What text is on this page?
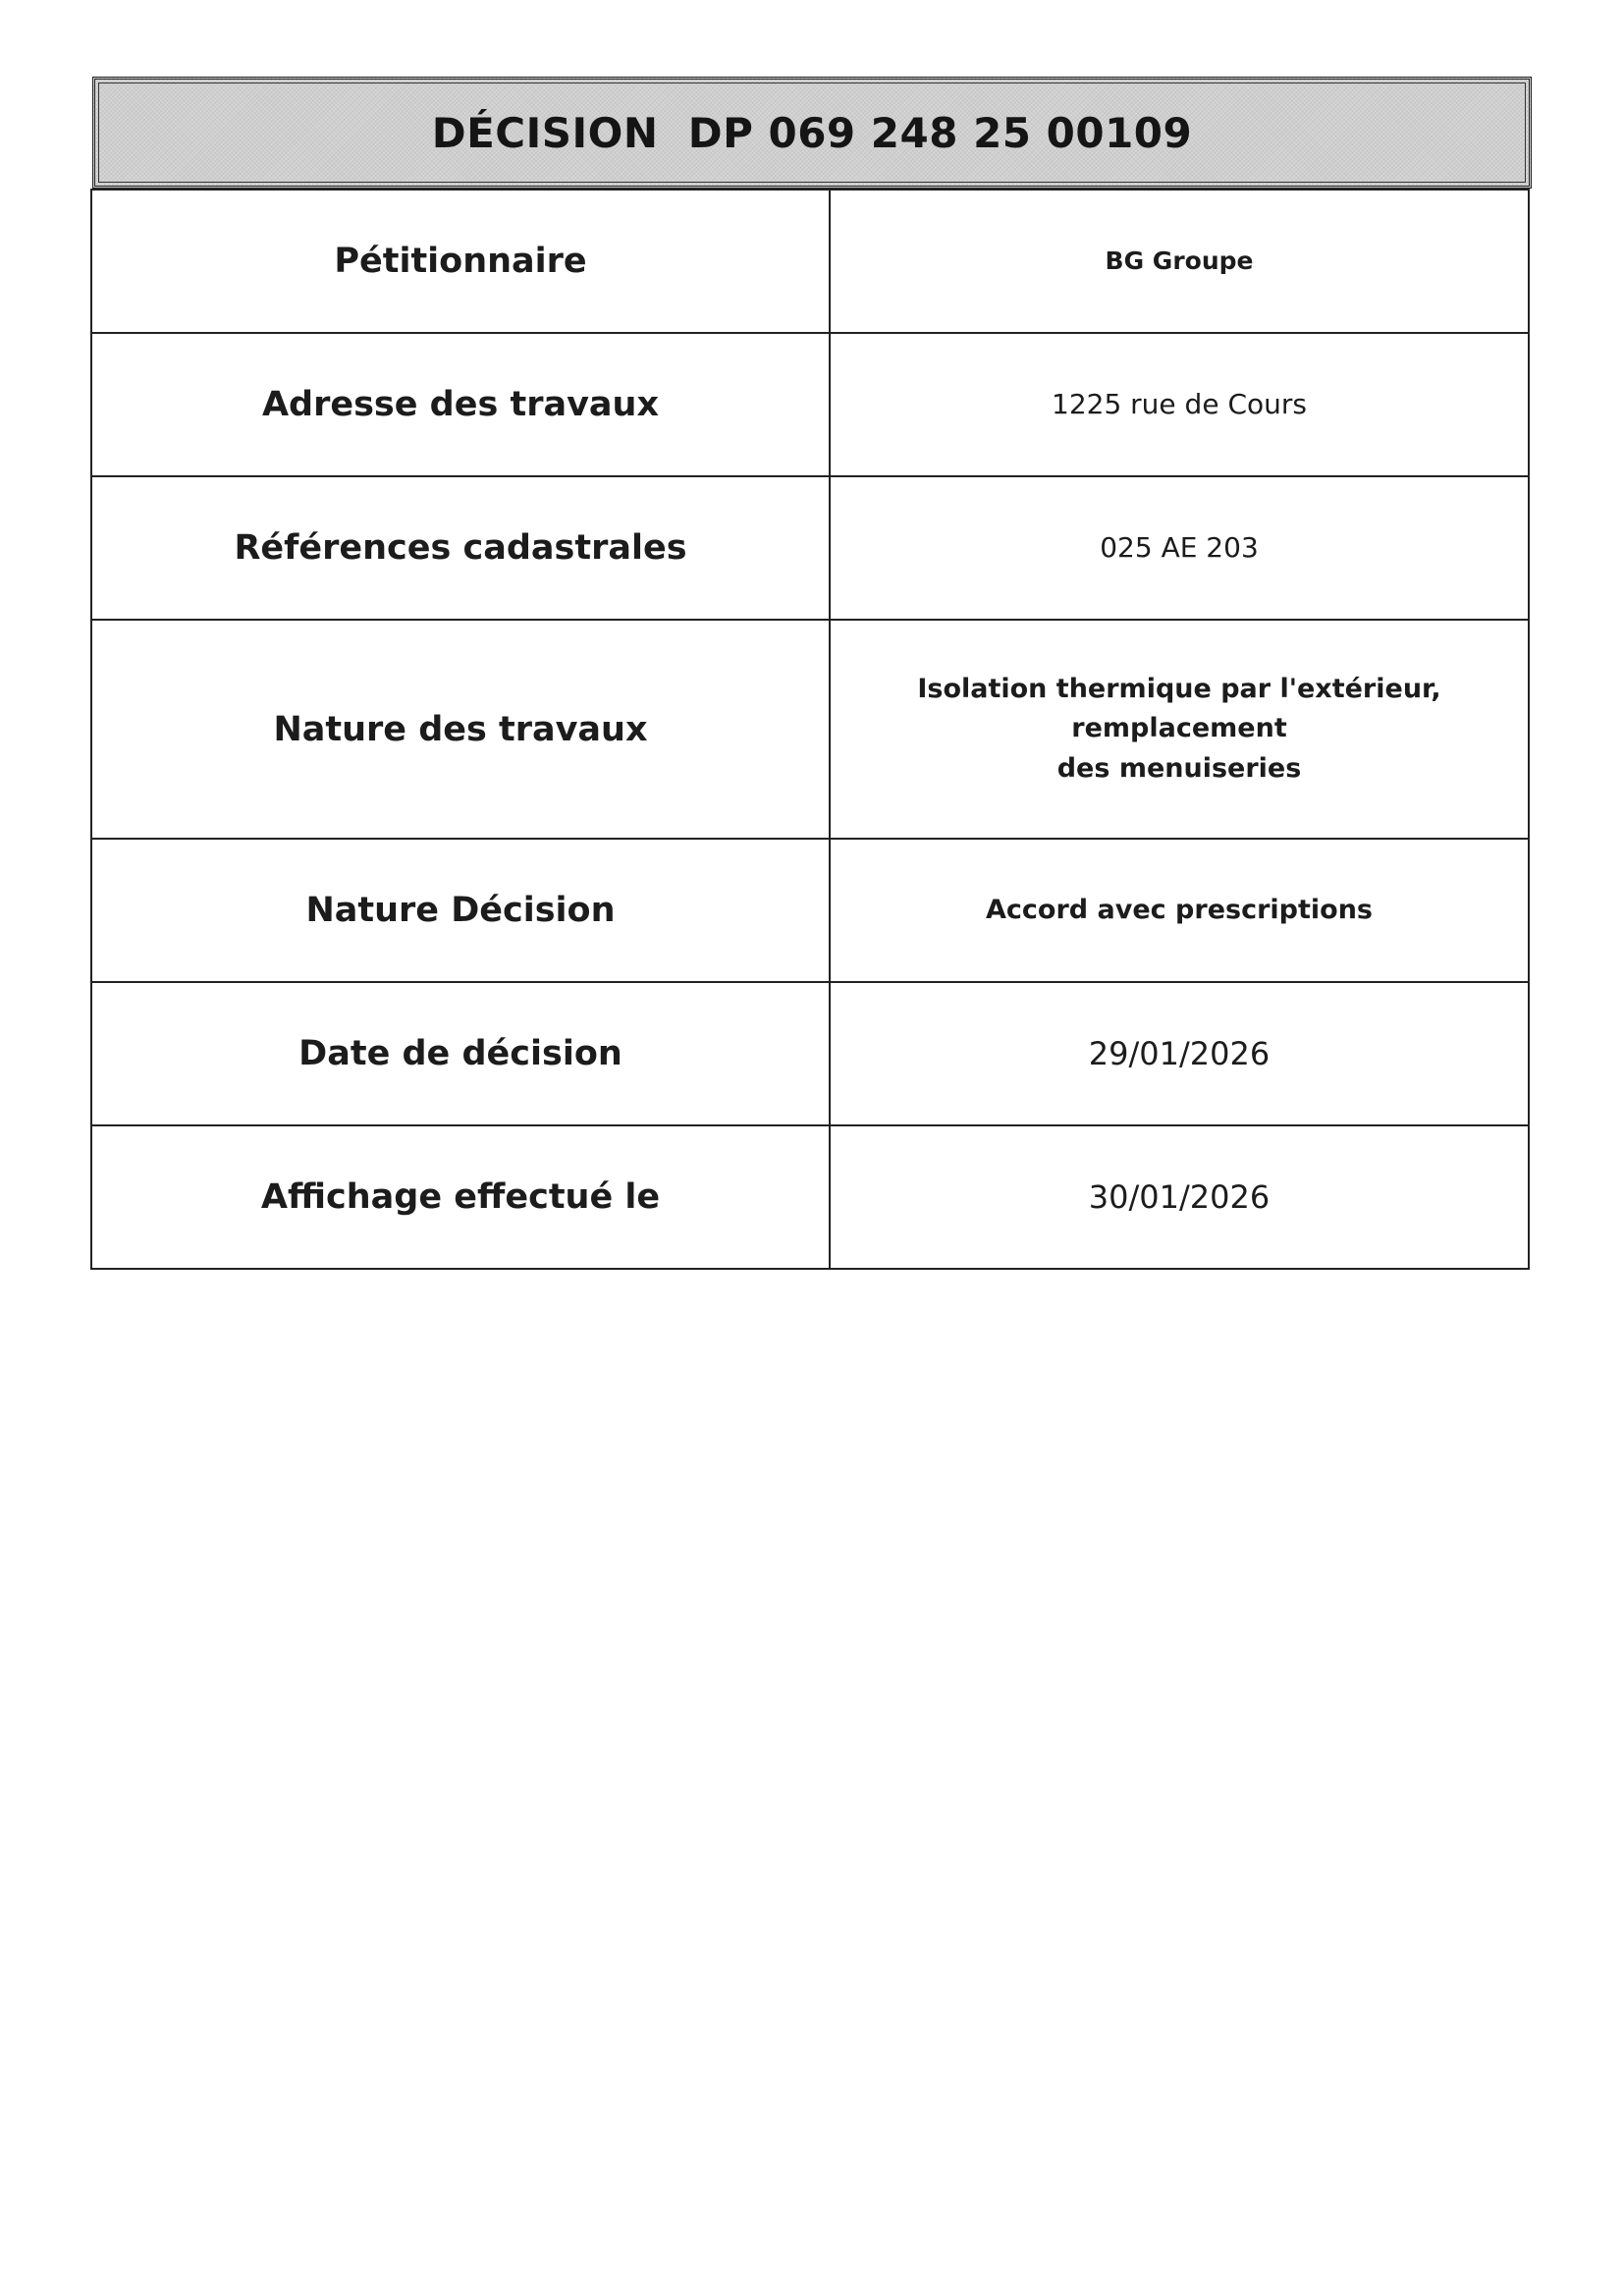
DÉCISION  DP 069 248 25 00109
Pétitionnaire	BG Groupe
Adresse des travaux	1225 rue de Cours
Références cadastrales	025 AE 203
Nature des travaux	Isolation thermique par l'extérieur, remplacement
des menuiseries

Nature Décision	Accord avec prescriptions
Date de décision	29/01/2026
Affichage effectué le	30/01/2026
